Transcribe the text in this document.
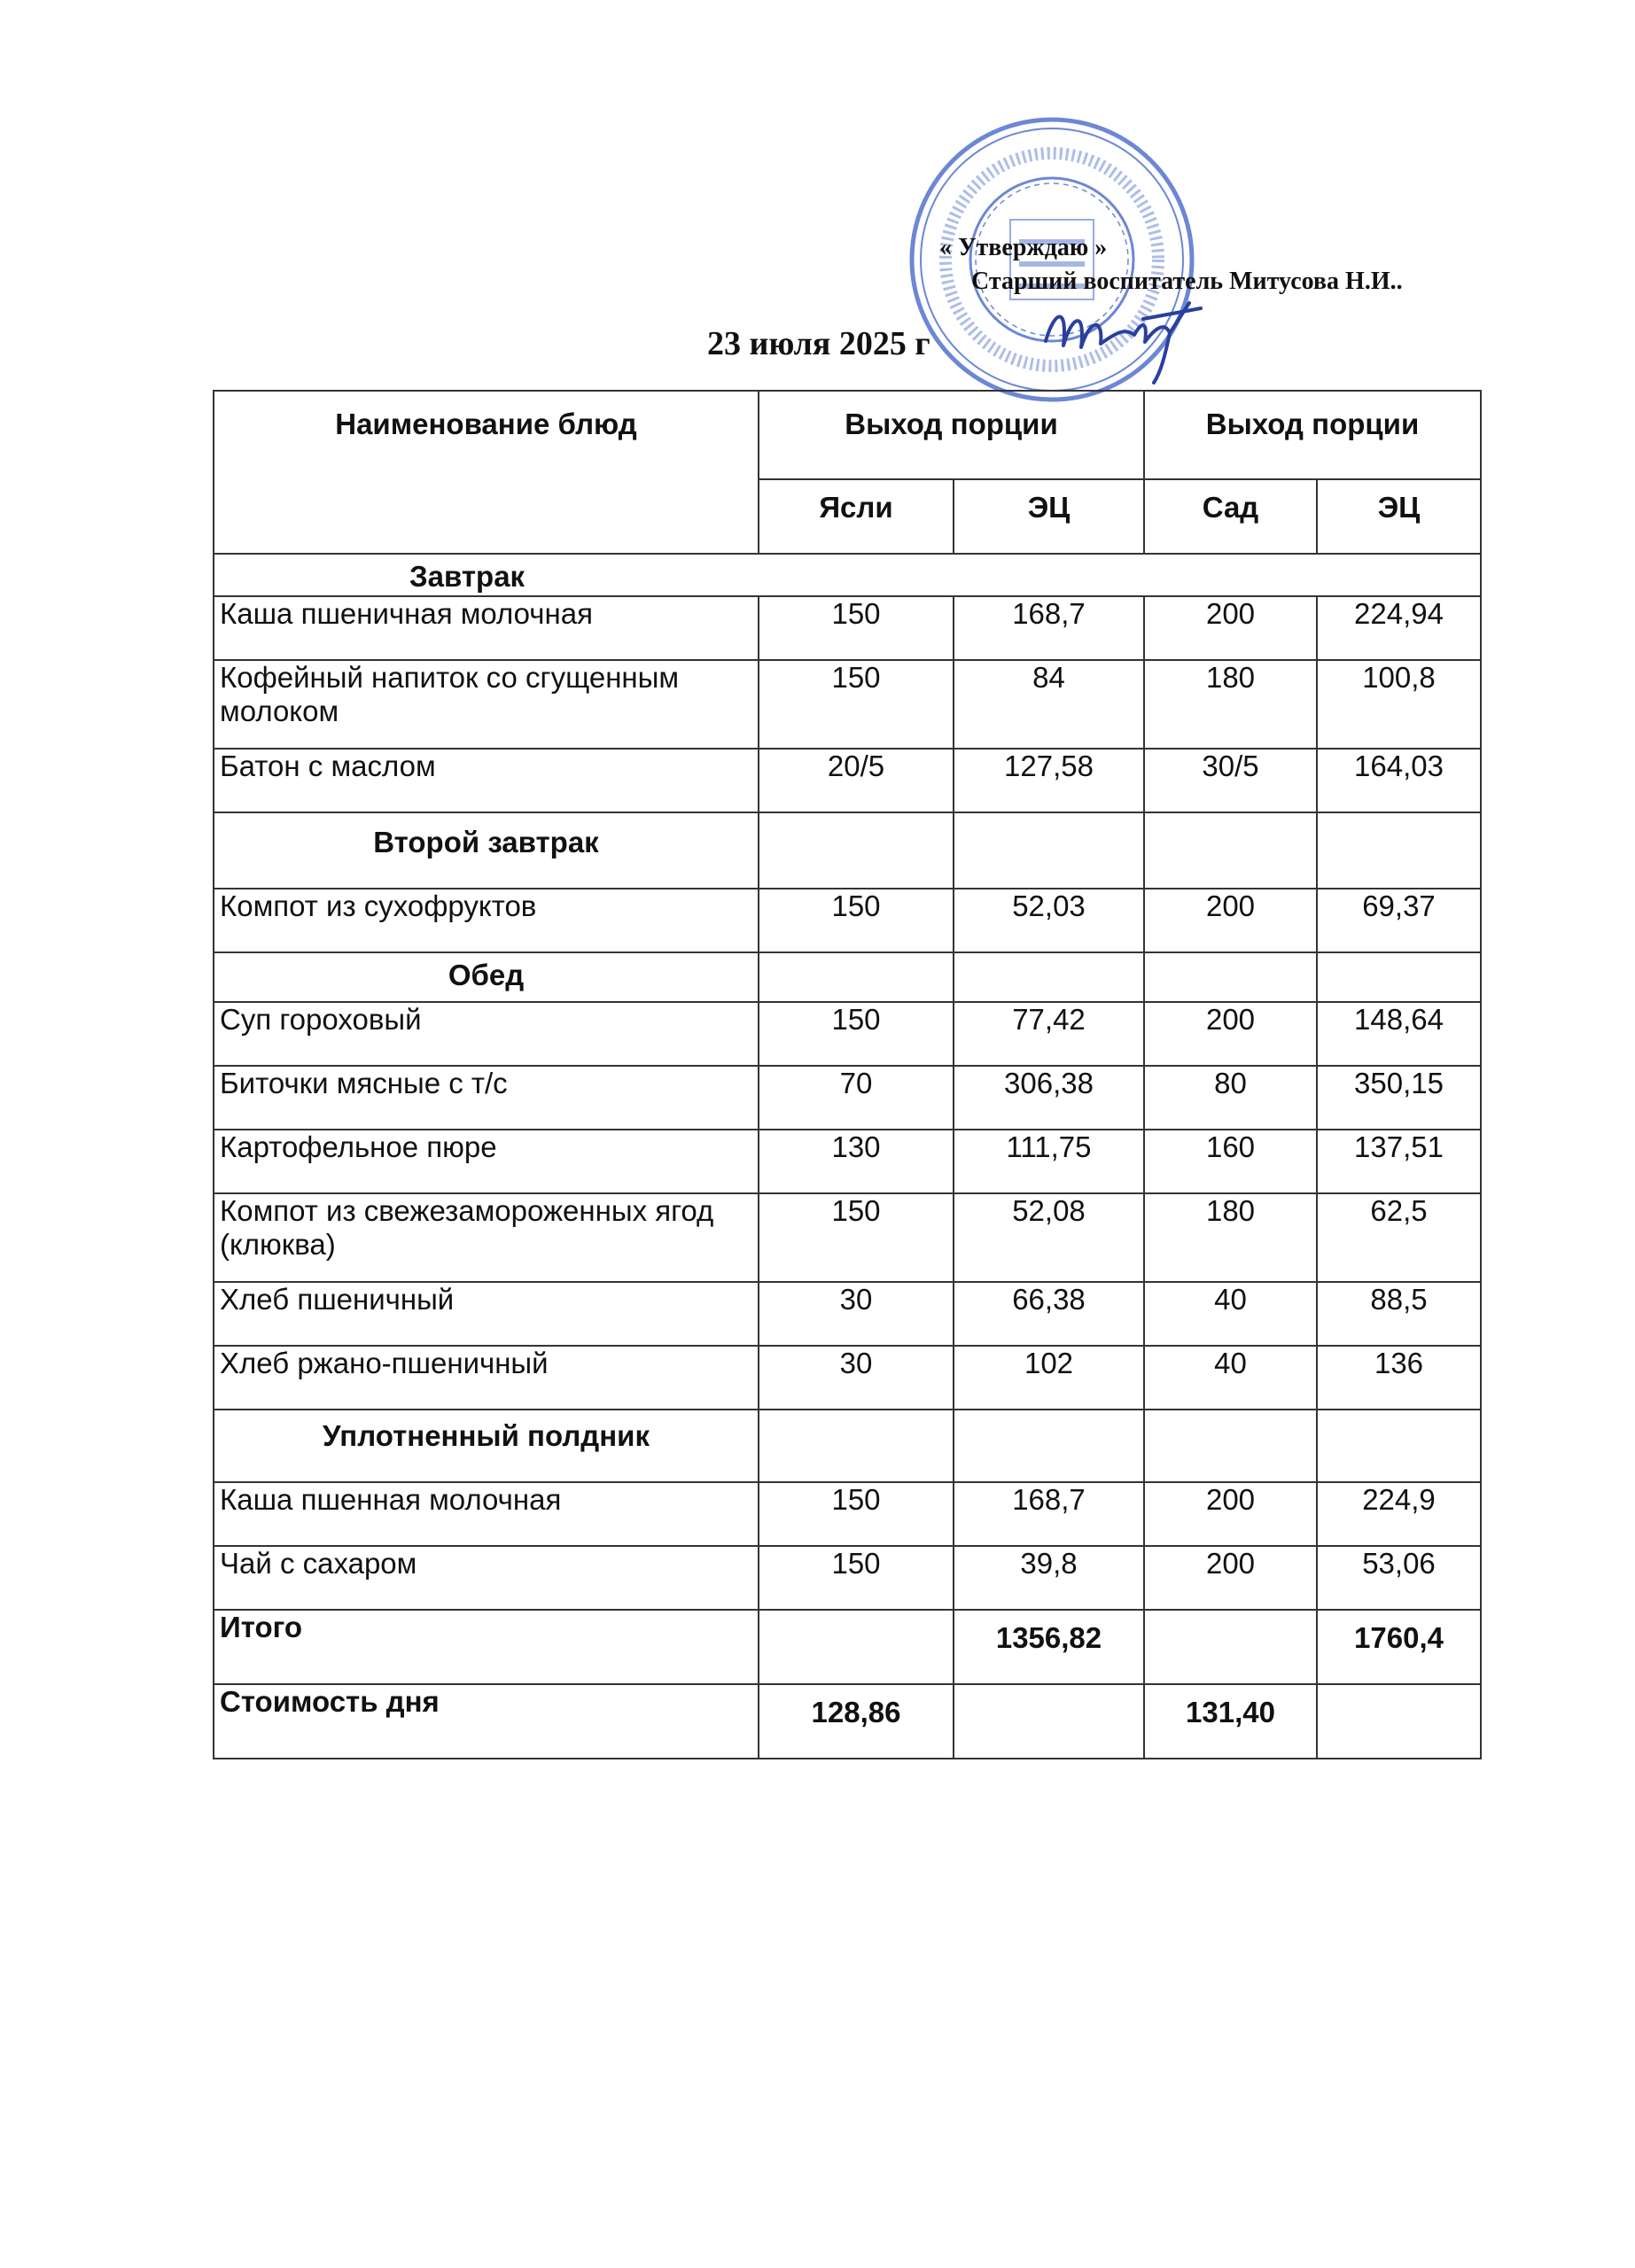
« Утверждаю »
Старший воспитатель Митусова Н.И..
23 июля 2025 г
Наименование блюд	Выход порции		Выход порции	
	Ясли	ЭЦ	Сад	ЭЦ
Завтрак				
Каша пшеничная молочная	150	168,7	200	224,94
Кофейный напиток со сгущенным молоком	150	84	180	100,8
Батон с маслом	20/5	127,58	30/5	164,03
Второй завтрак				
Компот из сухофруктов	150	52,03	200	69,37
Обед				
Суп гороховый	150	77,42	200	148,64
Биточки мясные с т/с	70	306,38	80	350,15
Картофельное пюре	130	111,75	160	137,51
Компот из свежезамороженных ягод (клюква)	150	52,08	180	62,5
Хлеб пшеничный	30	66,38	40	88,5
Хлеб ржано-пшеничный	30	102	40	136
Уплотненный полдник				
Каша пшенная молочная	150	168,7	200	224,9
Чай с сахаром	150	39,8	200	53,06
Итого		1356,82		1760,4
Стоимость дня	128,86		131,40	
